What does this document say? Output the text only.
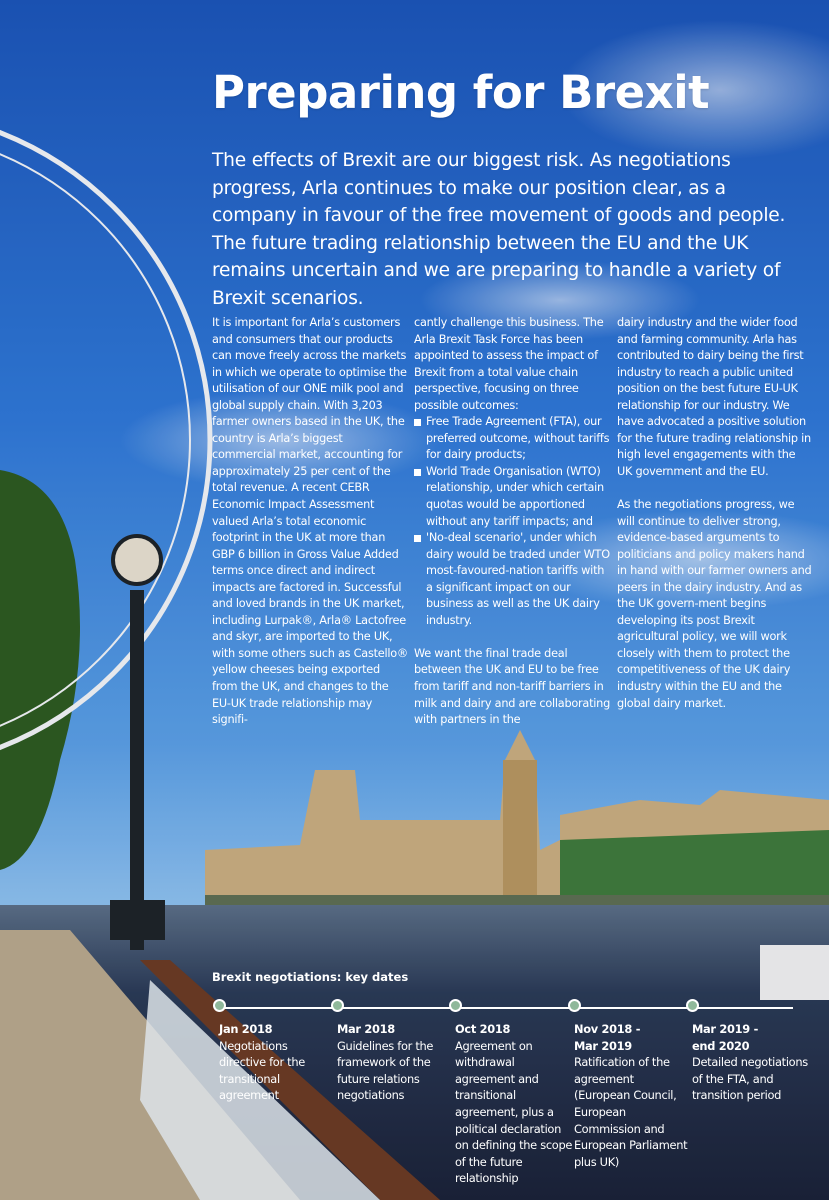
Preparing for Brexit

The effects of Brexit are our biggest risk. As negotiations progress, Arla continues to make our position clear, as a company in favour of the free movement of goods and people. The future trading relationship between the EU and the UK remains uncertain and we are preparing to handle a variety of Brexit scenarios.

It is important for Arla’s customers and consumers that our products can move freely across the markets in which we operate to optimise the utilisation of our ONE milk pool and global supply chain. With 3,203 farmer owners based in the UK, the country is Arla’s biggest commercial market, accounting for approximately 25 per cent of the total revenue. A recent CEBR Economic Impact Assessment valued Arla’s total economic footprint in the UK at more than GBP 6 billion in Gross Value Added terms once direct and indirect impacts are factored in. Successful and loved brands in the UK market, including Lurpak®, Arla® Lactofree and skyr, are imported to the UK, with some others such as Castello® yellow cheeses being exported from the UK, and changes to the EU-UK trade relationship may signifi-

cantly challenge this business. The Arla Brexit Task Force has been appointed to assess the impact of Brexit from a total value chain perspective, focusing on three possible outcomes:

Free Trade Agreement (FTA), our preferred outcome, without tariffs for dairy products;
World Trade Organisation (WTO) relationship, under which certain quotas would be apportioned without any tariff impacts; and
'No-deal scenario', under which dairy would be traded under WTO most-favoured-nation tariffs with a significant impact on our business as well as the UK dairy industry.

We want the final trade deal between the UK and EU to be free from tariff and non-tariff barriers in milk and dairy and are collaborating with partners in the

dairy industry and the wider food and farming community. Arla has contributed to dairy being the first industry to reach a public united position on the best future EU-UK relationship for our industry. We have advocated a positive solution for the future trading relationship in high level engagements with the UK government and the EU.

As the negotiations progress, we will continue to deliver strong, evidence-based arguments to politicians and policy makers hand in hand with our farmer owners and peers in the dairy industry. And as the UK govern-ment begins developing its post Brexit agricultural policy, we will work closely with them to protect the competitiveness of the UK dairy industry within the EU and the global dairy market.

Brexit negotiations: key dates
Jan 2018
Negotiations directive for the transitional agreement
Mar 2018
Guidelines for the framework of the future relations negotiations
Oct 2018
Agreement on withdrawal agreement and transitional agreement, plus a political declaration on defining the scope of the future relationship
Nov 2018 - Mar 2019
Ratification of the agreement (European Council, European Commission and European Parliament plus UK)
Mar 2019 - end 2020
Detailed negotiations of the FTA, and transition period
